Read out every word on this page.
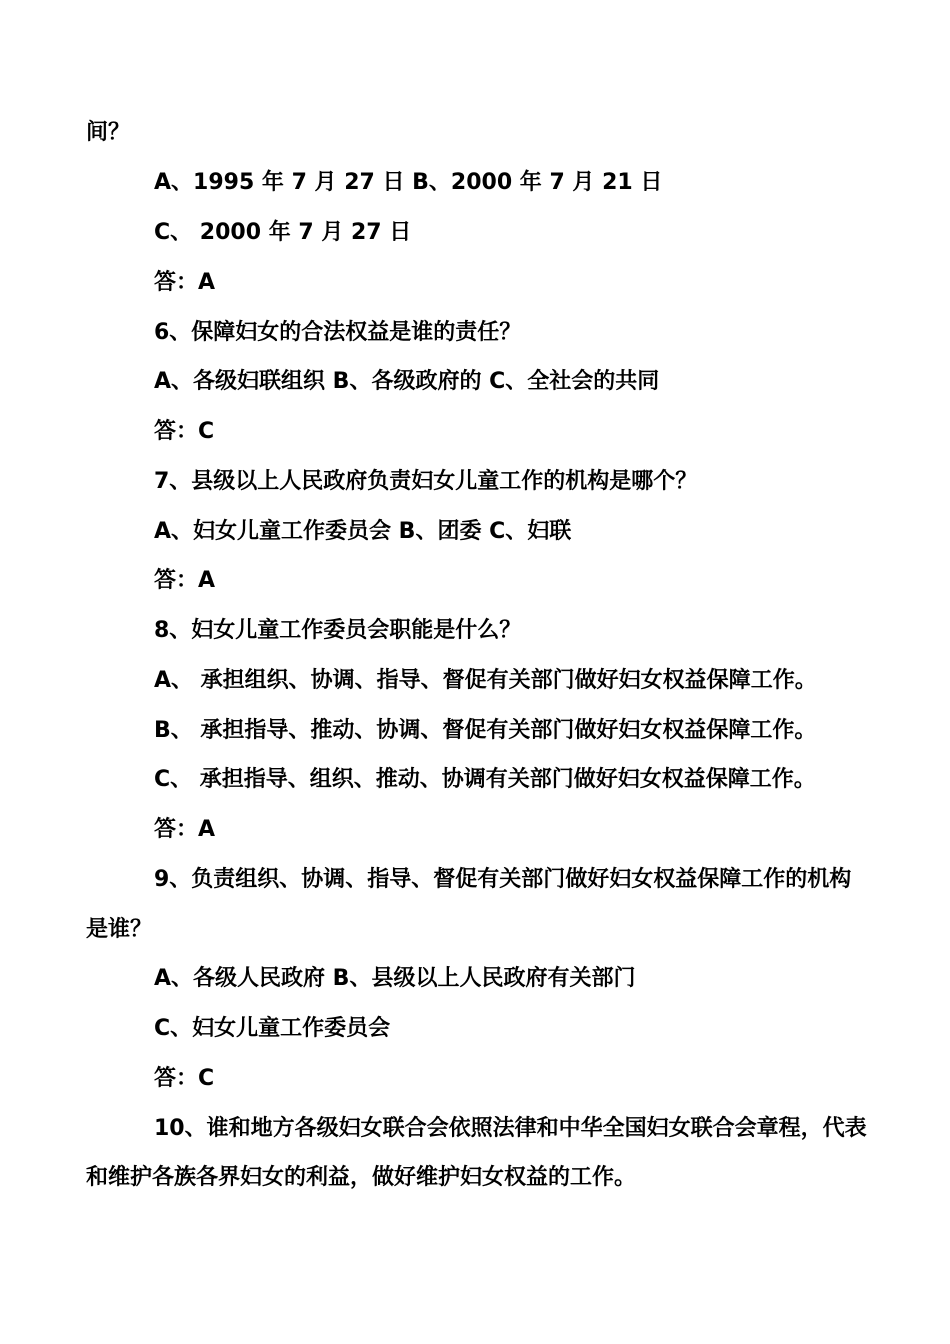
间？
A、1995 年 7 月 27 日 B、2000 年 7 月 21 日
C、 2000 年 7 月 27 日
答：A
6、保障妇女的合法权益是谁的责任？
A、各级妇联组织 B、各级政府的 C、全社会的共同
答：C
7、县级以上人民政府负责妇女儿童工作的机构是哪个？
A、妇女儿童工作委员会 B、团委 C、妇联
答：A
8、妇女儿童工作委员会职能是什么？
A、 承担组织、协调、指导、督促有关部门做好妇女权益保障工作。
B、 承担指导、推动、协调、督促有关部门做好妇女权益保障工作。
C、 承担指导、组织、推动、协调有关部门做好妇女权益保障工作。
答：A
9、负责组织、协调、指导、督促有关部门做好妇女权益保障工作的机构
是谁？
A、各级人民政府 B、县级以上人民政府有关部门
C、妇女儿童工作委员会
答：C
10、谁和地方各级妇女联合会依照法律和中华全国妇女联合会章程，代表
和维护各族各界妇女的利益，做好维护妇女权益的工作。
